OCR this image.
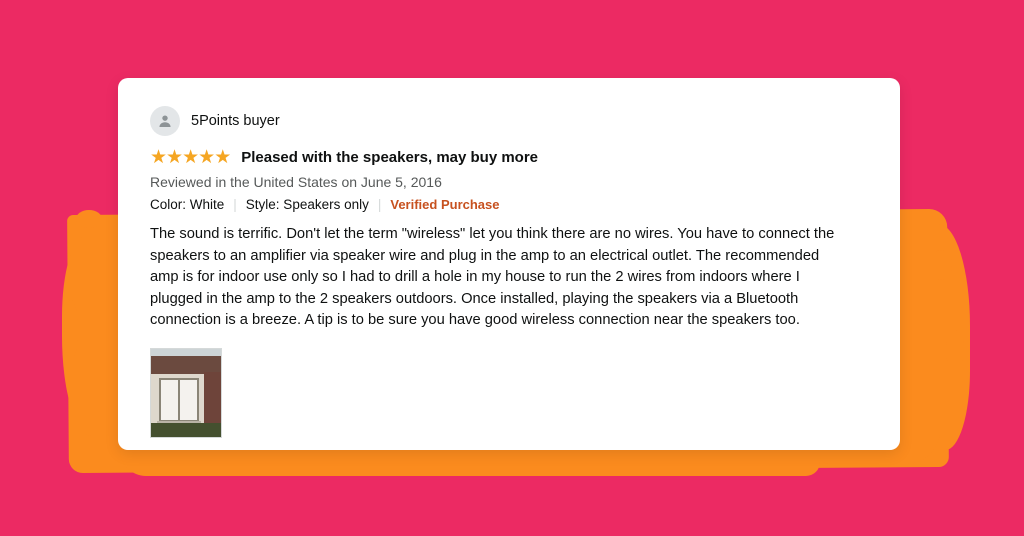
5Points buyer
★ ★ ★ ★ ★ Pleased with the speakers, may buy more
Reviewed in the United States on June 5, 2016
Color: White | Style: Speakers only | Verified Purchase
The sound is terrific. Don't let the term "wireless" let you think there are no wires. You have to connect the speakers to an amplifier via speaker wire and plug in the amp to an electrical outlet. The recommended amp is for indoor use only so I had to drill a hole in my house to run the 2 wires from indoors where I plugged in the amp to the 2 speakers outdoors. Once installed, playing the speakers via a Bluetooth connection is a breeze. A tip is to be sure you have good wireless connection near the speakers too.
